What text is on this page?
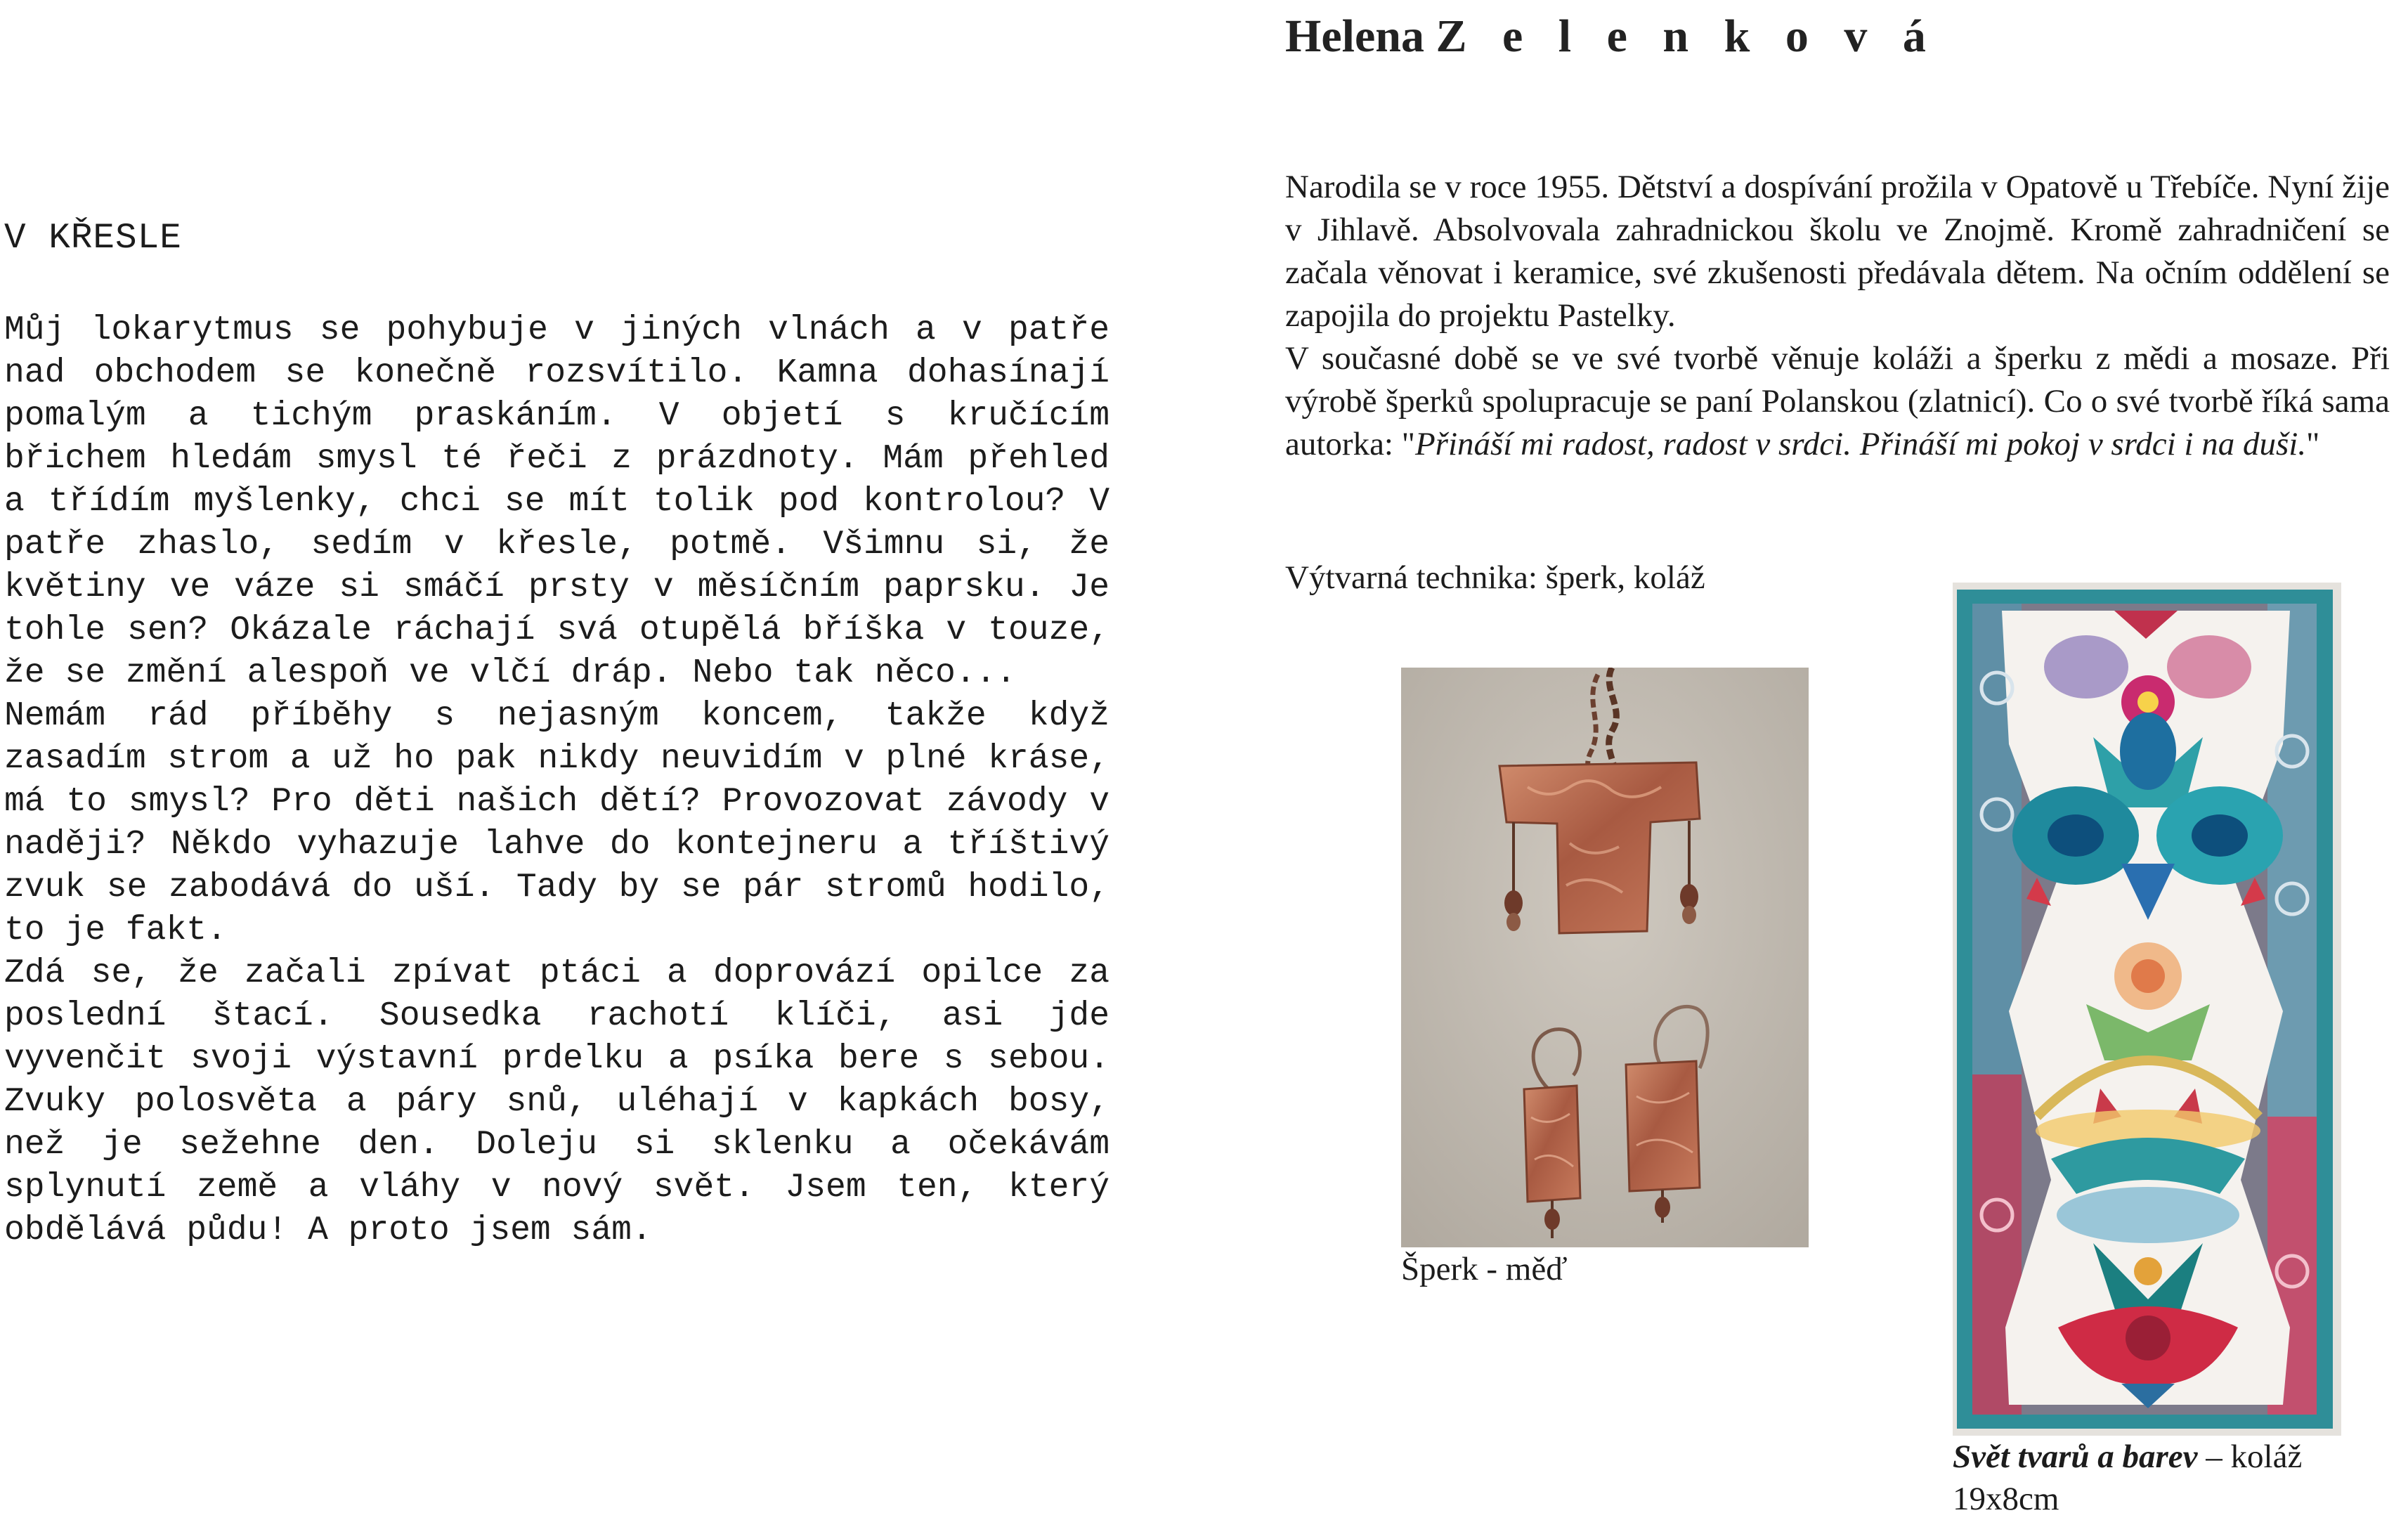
V KŘESLE

Můj lokarytmus se pohybuje v jiných vlnách a v patře nad obchodem se konečně rozsvítilo. Kamna dohasínají pomalým a tichým praskáním. V objetí s kručícím břichem hledám smysl té řeči z prázdnoty. Mám přehled a třídím myšlenky, chci se mít tolik pod kontrolou? V patře zhaslo, sedím v křesle, potmě. Všimnu si, že květiny ve váze si smáčí prsty v měsíčním paprsku. Je tohle sen? Okázale ráchají svá otupělá bříška v touze, že se změní alespoň ve vlčí dráp. Nebo tak něco...

Nemám rád příběhy s nejasným koncem, takže když zasadím strom a už ho pak nikdy neuvidím v plné kráse, má to smysl? Pro děti našich dětí? Provozovat závody v naději? Někdo vyhazuje lahve do kontejneru a tříštivý zvuk se zabodává do uší. Tady by se pár stromů hodilo, to je fakt.

Zdá se, že začali zpívat ptáci a doprovází opilce za poslední štací. Sousedka rachotí klíči, asi jde vyvenčit svoji výstavní prdelku a psíka bere s sebou. Zvuky polosvěta a páry snů, uléhají v kapkách bosy, než je sežehne den. Doleju si sklenku a očekávám splynutí země a vláhy v nový svět. Jsem ten, který obdělává půdu! A proto jsem sám.

Helena Z e l e n k o v á

Narodila se v roce 1955. Dětství a dospívání prožila v Opatově u Třebíče. Nyní žije v Jihlavě. Absolvovala zahradnickou školu ve Znojmě. Kromě zahradničení se začala věnovat i keramice, své zkušenosti předávala dětem. Na očním oddělení se zapojila do projektu Pastelky.

V současné době se ve své tvorbě věnuje koláži a šperku z mědi a mosaze. Při výrobě šperků spolupracuje se paní Polanskou (zlatnicí). Co o své tvorbě říká sama autorka: "Přináší mi radost, radost v srdci. Přináší mi pokoj v srdci i na duši."

Výtvarná technika: šperk, koláž

Šperk - měď

Svět tvarů a barev – koláž
19x8cm
